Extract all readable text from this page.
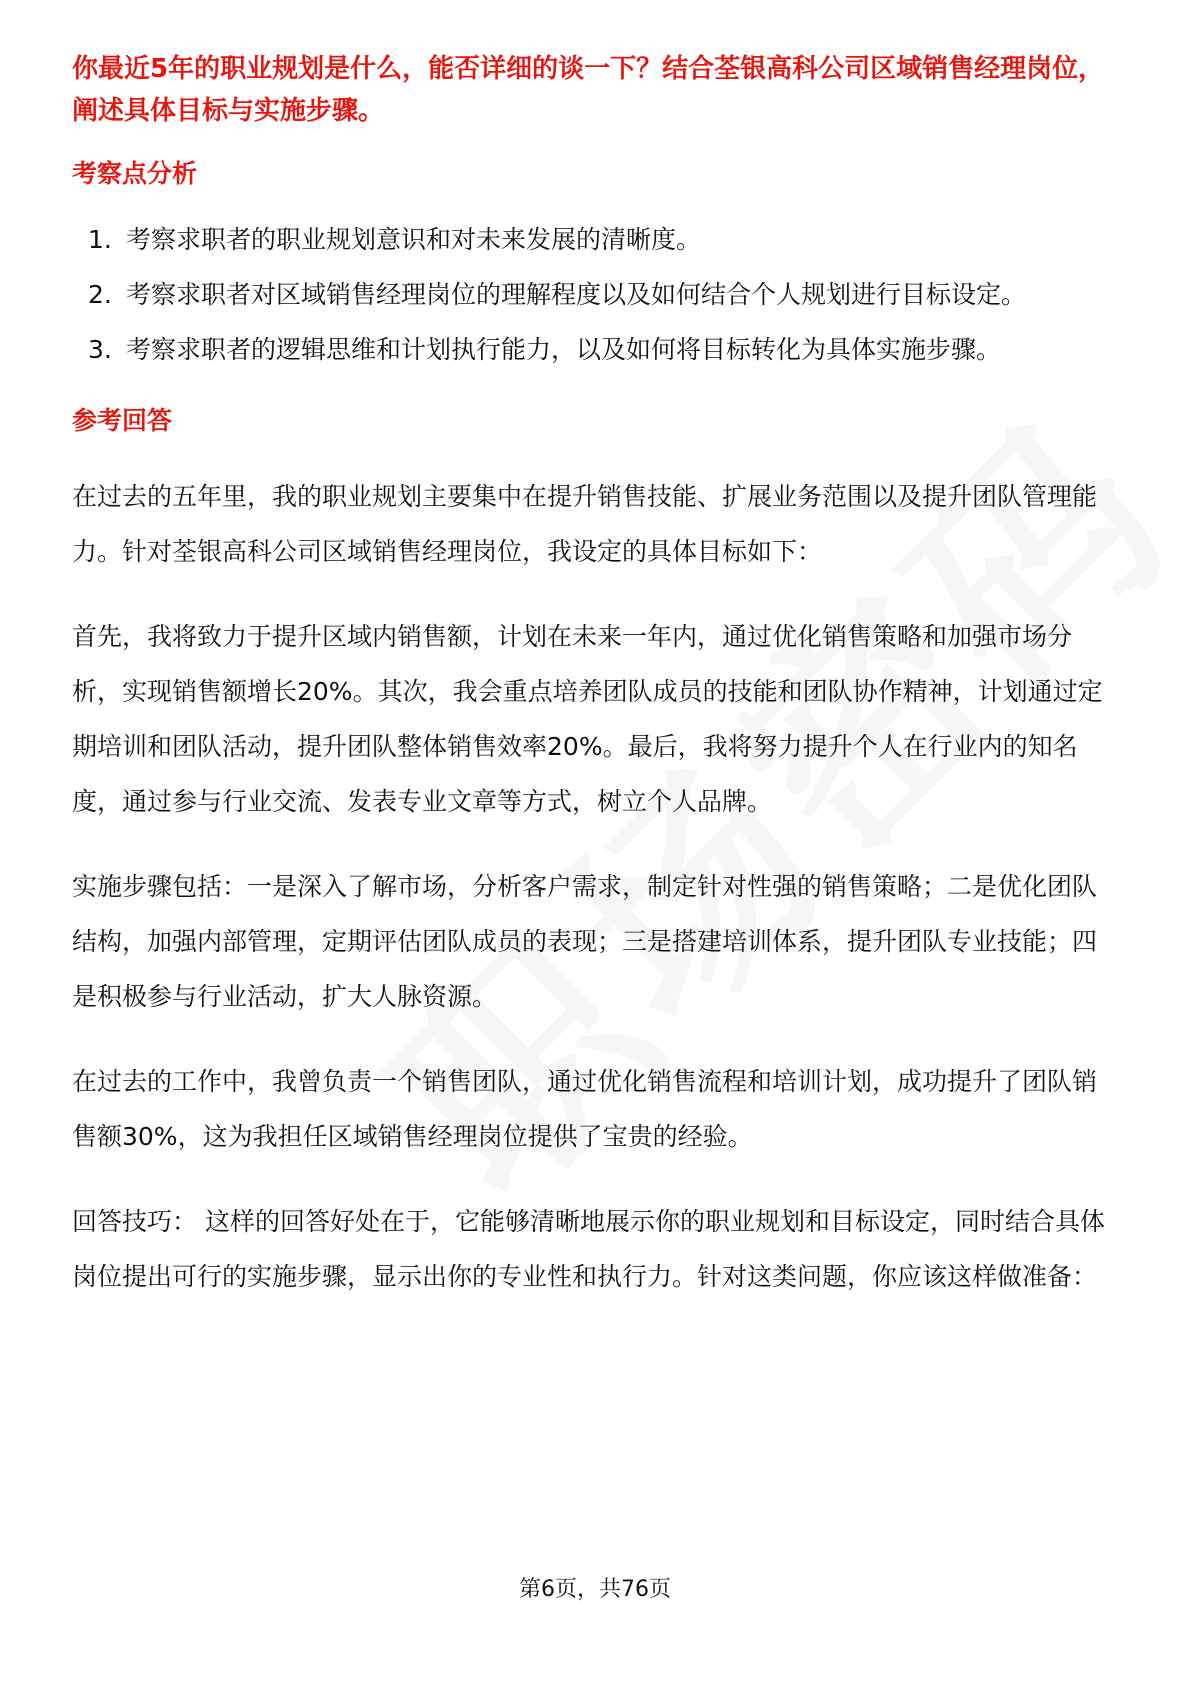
你最近5年的职业规划是什么，能否详细的谈一下？结合荃银高科公司区域销售经理岗位，阐述具体目标与实施步骤。

考察点分析
1. 考察求职者的职业规划意识和对未来发展的清晰度。
2. 考察求职者对区域销售经理岗位的理解程度以及如何结合个人规划进行目标设定。
3. 考察求职者的逻辑思维和计划执行能力，以及如何将目标转化为具体实施步骤。
参考回答

在过去的五年里，我的职业规划主要集中在提升销售技能、扩展业务范围以及提升团队管理能力。针对荃银高科公司区域销售经理岗位，我设定的具体目标如下：

首先，我将致力于提升区域内销售额，计划在未来一年内，通过优化销售策略和加强市场分析，实现销售额增长20%。其次，我会重点培养团队成员的技能和团队协作精神，计划通过定期培训和团队活动，提升团队整体销售效率20%。最后，我将努力提升个人在行业内的知名度，通过参与行业交流、发表专业文章等方式，树立个人品牌。

实施步骤包括：一是深入了解市场，分析客户需求，制定针对性强的销售策略；二是优化团队结构，加强内部管理，定期评估团队成员的表现；三是搭建培训体系，提升团队专业技能；四是积极参与行业活动，扩大人脉资源。

在过去的工作中，我曾负责一个销售团队，通过优化销售流程和培训计划，成功提升了团队销售额30%，这为我担任区域销售经理岗位提供了宝贵的经验。

回答技巧： 这样的回答好处在于，它能够清晰地展示你的职业规划和目标设定，同时结合具体岗位提出可行的实施步骤，显示出你的专业性和执行力。针对这类问题，你应该这样做准备：

第6页，共76页
